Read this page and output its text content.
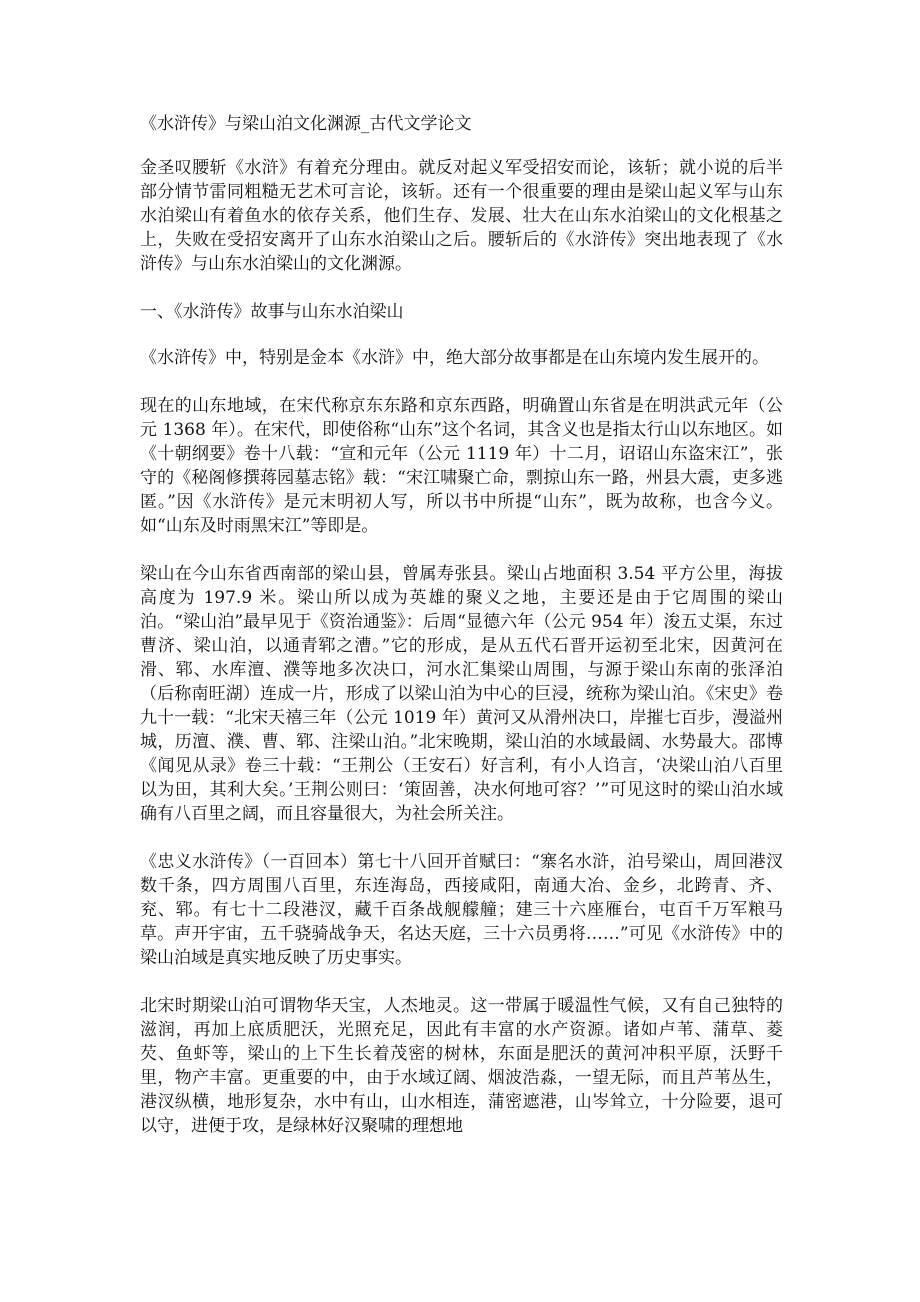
《水浒传》与梁山泊文化渊源_古代文学论文

金圣叹腰斩《水浒》有着充分理由。就反对起义军受招安而论，该斩；就小说的后半部分情节雷同粗糙无艺术可言论，该斩。还有一个很重要的理由是梁山起义军与山东水泊梁山有着鱼水的依存关系，他们生存、发展、壮大在山东水泊梁山的文化根基之上，失败在受招安离开了山东水泊梁山之后。腰斩后的《水浒传》突出地表现了《水浒传》与山东水泊梁山的文化渊源。

一、《水浒传》故事与山东水泊梁山

《水浒传》中，特别是金本《水浒》中，绝大部分故事都是在山东境内发生展开的。

现在的山东地域，在宋代称京东东路和京东西路，明确置山东省是在明洪武元年（公元 1368 年）。在宋代，即使俗称“山东”这个名词，其含义也是指太行山以东地区。如《十朝纲要》卷十八载：“宣和元年（公元 1119 年）十二月，诏诏山东盗宋江”，张守的《秘阁修撰蒋园墓志铭》载：“宋江啸聚亡命，剽掠山东一路，州县大震，吏多逃匿。”因《水浒传》是元末明初人写，所以书中所提“山东”，既为故称，也含今义。如“山东及时雨黑宋江”等即是。

梁山在今山东省西南部的梁山县，曾属寿张县。梁山占地面积 3.54 平方公里，海拔高度为 197.9 米。梁山所以成为英雄的聚义之地，主要还是由于它周围的梁山泊。“梁山泊”最早见于《资治通鉴》：后周“显德六年（公元 954 年）浚五丈渠，东过曹济、梁山泊，以通青郓之漕。”它的形成，是从五代石晋开运初至北宋，因黄河在滑、郓、水库澶、濮等地多次决口，河水汇集梁山周围，与源于梁山东南的张泽泊（后称南旺湖）连成一片，形成了以梁山泊为中心的巨浸，统称为梁山泊。《宋史》卷九十一载：“北宋天禧三年（公元 1019 年）黄河又从滑州决口，岸摧七百步，漫溢州城，历澶、濮、曹、郓、注梁山泊。”北宋晚期，梁山泊的水域最阔、水势最大。邵博《闻见从录》卷三十载：“王荆公（王安石）好言利，有小人诌言，‘决梁山泊八百里以为田，其利大矣。’王荆公则曰：‘策固善，决水何地可容？’”可见这时的梁山泊水域确有八百里之阔，而且容量很大，为社会所关注。

《忠义水浒传》（一百回本）第七十八回开首赋曰：“寨名水浒，泊号梁山，周回港汊数千条，四方周围八百里，东连海岛，西接咸阳，南通大冶、金乡，北跨青、齐、兖、郓。有七十二段港汊，藏千百条战舰艨艟；建三十六座雁台，屯百千万军粮马草。声开宇宙，五千骁骑战争天，名达天庭，三十六员勇将……”可见《水浒传》中的梁山泊域是真实地反映了历史事实。

北宋时期梁山泊可谓物华天宝，人杰地灵。这一带属于暖温性气候，又有自己独特的滋润，再加上底质肥沃，光照充足，因此有丰富的水产资源。诸如卢苇、蒲草、菱芡、鱼虾等，梁山的上下生长着茂密的树林，东面是肥沃的黄河冲积平原，沃野千里，物产丰富。更重要的中，由于水域辽阔、烟波浩淼，一望无际，而且芦苇丛生，港汊纵横，地形复杂，水中有山，山水相连，蒲密遮港，山岑耸立，十分险要，退可以守，进便于攻，是绿林好汉聚啸的理想地
